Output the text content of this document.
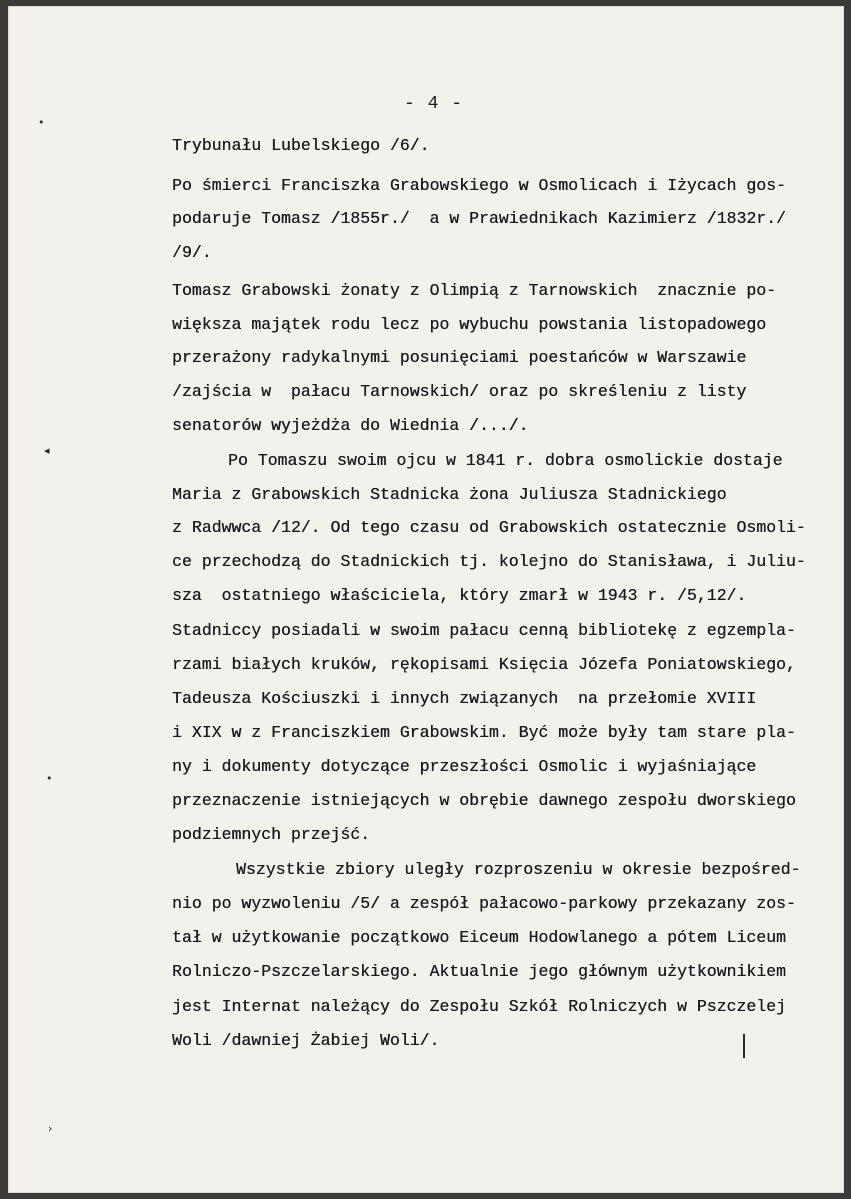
- 4 -
•
◂
•
›
Trybunału Lubelskiego /6/.
Po śmierci Franciszka Grabowskiego w Osmolicach i Iżycach gos-
podaruje Tomasz /1855r./  a w Prawiednikach Kazimierz /1832r./
/9/.
Tomasz Grabowski żonaty z Olimpią z Tarnowskich  znacznie po-
większa majątek rodu lecz po wybuchu powstania listopadowego
przerażony radykalnymi posunięciami poestańców w Warszawie
/zajścia w  pałacu Tarnowskich/ oraz po skreśleniu z listy
senatorów wyjeżdża do Wiednia /.../.
Po Tomaszu swoim ojcu w 1841 r. dobra osmolickie dostaje
Maria z Grabowskich Stadnicka żona Juliusza Stadnickiego
z Radwwca /12/. Od tego czasu od Grabowskich ostatecznie Osmoli-
ce przechodzą do Stadnickich tj. kolejno do Stanisława, i Juliu-
sza  ostatniego właściciela, który zmarł w 1943 r. /5,12/.
Stadniccy posiadali w swoim pałacu cenną bibliotekę z egzempla-
rzami białych kruków, rękopisami Księcia Józefa Poniatowskiego,
Tadeusza Kościuszki i innych związanych  na przełomie XVIII
i XIX w z Franciszkiem Grabowskim. Być może były tam stare pla-
ny i dokumenty dotyczące przeszłości Osmolic i wyjaśniające
przeznaczenie istniejących w obrębie dawnego zespołu dworskiego
podziemnych przejść.
Wszystkie zbiory uległy rozproszeniu w okresie bezpośred-
nio po wyzwoleniu /5/ a zespół pałacowo-parkowy przekazany zos-
tał w użytkowanie początkowo Eiceum Hodowlanego a pótem Liceum
Rolniczo-Pszczelarskiego. Aktualnie jego głównym użytkownikiem
jest Internat należący do Zespołu Szkół Rolniczych w Pszczelej
Woli /dawniej Żabiej Woli/.
